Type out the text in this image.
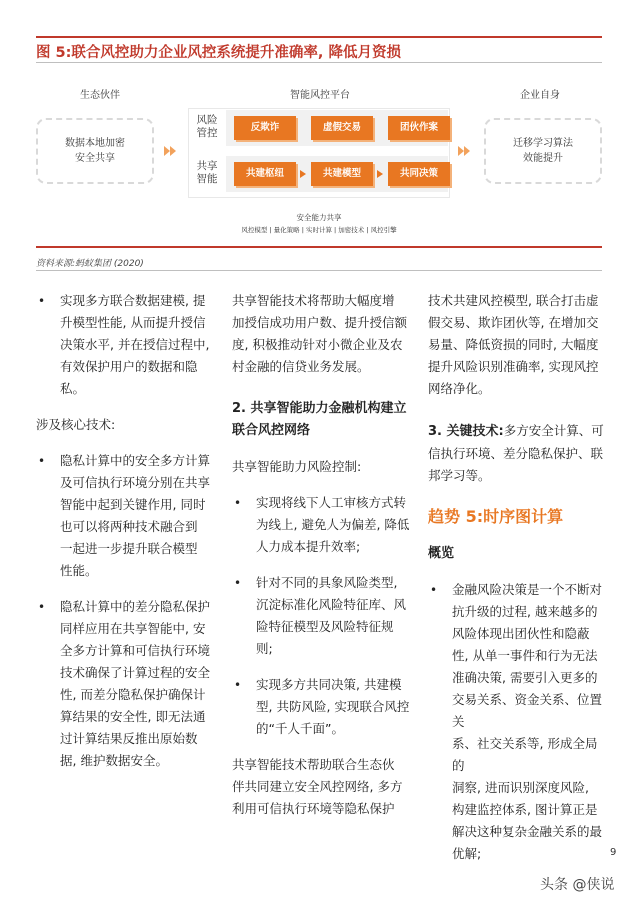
图 5:联合风控助力企业风控系统提升准确率, 降低月资损
生态伙伴	智能风控平台	企业自身
数据本地加密
安全共享
风险
管控	反欺诈	虚假交易	团伙作案
共享
智能	共建枢纽	共建模型	共同决策
迁移学习算法
效能提升
安全能力共享
风控模型 | 量化策略 | 实时计算 | 加密技术 | 风控引擎
资料来源:蚂蚁集团 (2020)
• 实现多方联合数据建模, 提
升模型性能, 从而提升授信
决策水平, 并在授信过程中,
有效保护用户的数据和隐
私。
涉及核心技术:
• 隐私计算中的安全多方计算
及可信执行环境分别在共享
智能中起到关键作用, 同时
也可以将两种技术融合到
一起进一步提升联合模型
性能。
• 隐私计算中的差分隐私保护
同样应用在共享智能中, 安
全多方计算和可信执行环境
技术确保了计算过程的安全
性, 而差分隐私保护确保计
算结果的安全性, 即无法通
过计算结果反推出原始数
据, 维护数据安全。
共享智能技术将帮助大幅度增
加授信成功用户数、提升授信额
度, 积极推动针对小微企业及农
村金融的信贷业务发展。
2. 共享智能助力金融机构建立
联合风控网络
共享智能助力风险控制:
• 实现将线下人工审核方式转
为线上, 避免人为偏差, 降低
人力成本提升效率;
• 针对不同的具象风险类型,
沉淀标准化风险特征库、风
险特征模型及风险特征规
则;
• 实现多方共同决策, 共建模
型, 共防风险, 实现联合风控
的“千人千面”。
共享智能技术帮助联合生态伙
伴共同建立安全风控网络, 多方
利用可信执行环境等隐私保护
技术共建风控模型, 联合打击虚
假交易、欺诈团伙等, 在增加交
易量、降低资损的同时, 大幅度
提升风险识别准确率, 实现风控
网络净化。
3. 关键技术:多方安全计算、可
信执行环境、差分隐私保护、联
邦学习等。
趋势 5:时序图计算
概览
• 金融风险决策是一个不断对
抗升级的过程, 越来越多的
风险体现出团伙性和隐蔽
性, 从单一事件和行为无法
准确决策, 需要引入更多的
交易关系、资金关系、位置关
系、社交关系等, 形成全局的
洞察, 进而识别深度风险,
构建监控体系, 图计算正是
解决这种复杂金融关系的最
优解;	9
头条 @侠说
